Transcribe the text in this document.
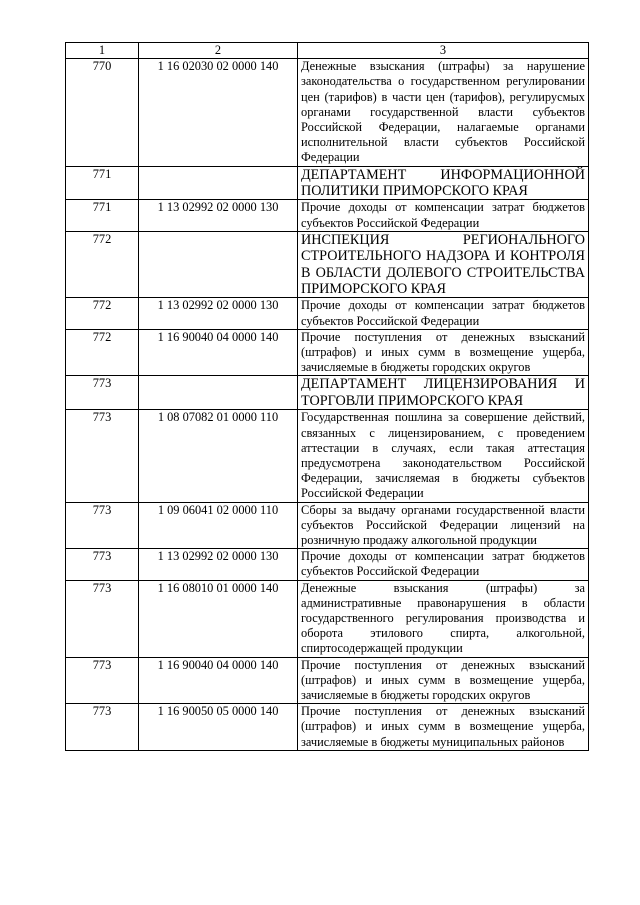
1	2	3
770	1 16 02030 02 0000 140	Денежные взыскания (штрафы) за нарушение законодательства о государственном регулировании цен (тарифов) в части цен (тарифов), регулирусмых органами государственной власти субъектов Российской Федерации, налагаемые органами исполнительной власти субъектов Российской Федерации
771		ДЕПАРТАМЕНТ ИНФОРМАЦИОННОЙ ПОЛИТИКИ ПРИМОРСКОГО КРАЯ
771	1 13 02992 02 0000 130	Прочие доходы от компенсации затрат бюджетов субъектов Российской Федерации
772		ИНСПЕКЦИЯ РЕГИОНАЛЬНОГО СТРОИТЕЛЬНОГО НАДЗОРА И КОНТРОЛЯ В ОБЛАСТИ ДОЛЕВОГО СТРОИТЕЛЬСТВА ПРИМОРСКОГО КРАЯ
772	1 13 02992 02 0000 130	Прочие доходы от компенсации затрат бюджетов субъектов Российской Федерации
772	1 16 90040 04 0000 140	Прочие поступления от денежных взысканий (штрафов) и иных сумм в возмещение ущерба, зачисляемые в бюджеты городских округов
773		ДЕПАРТАМЕНТ ЛИЦЕНЗИРОВАНИЯ И ТОРГОВЛИ ПРИМОРСКОГО КРАЯ
773	1 08 07082 01 0000 110	Государственная пошлина за совершение действий, связанных с лицензированием, с проведением аттестации в случаях, если такая аттестация предусмотрена законодательством Российской Федерации, зачисляемая в бюджеты субъектов Российской Федерации
773	1 09 06041 02 0000 110	Сборы за выдачу органами государственной власти субъектов Российской Федерации лицензий на розничную продажу алкогольной продукции
773	1 13 02992 02 0000 130	Прочие доходы от компенсации затрат бюджетов субъектов Российской Федерации
773	1 16 08010 01 0000 140	Денежные взыскания (штрафы) за административные правонарушения в области государственного регулирования производства и оборота этилового спирта, алкогольной, спиртосодержащей продукции
773	1 16 90040 04 0000 140	Прочие поступления от денежных взысканий (штрафов) и иных сумм в возмещение ущерба, зачисляемые в бюджеты городских округов
773	1 16 90050 05 0000 140	Прочие поступления от денежных взысканий (штрафов) и иных сумм в возмещение ущерба, зачисляемые в бюджеты муниципальных районов
